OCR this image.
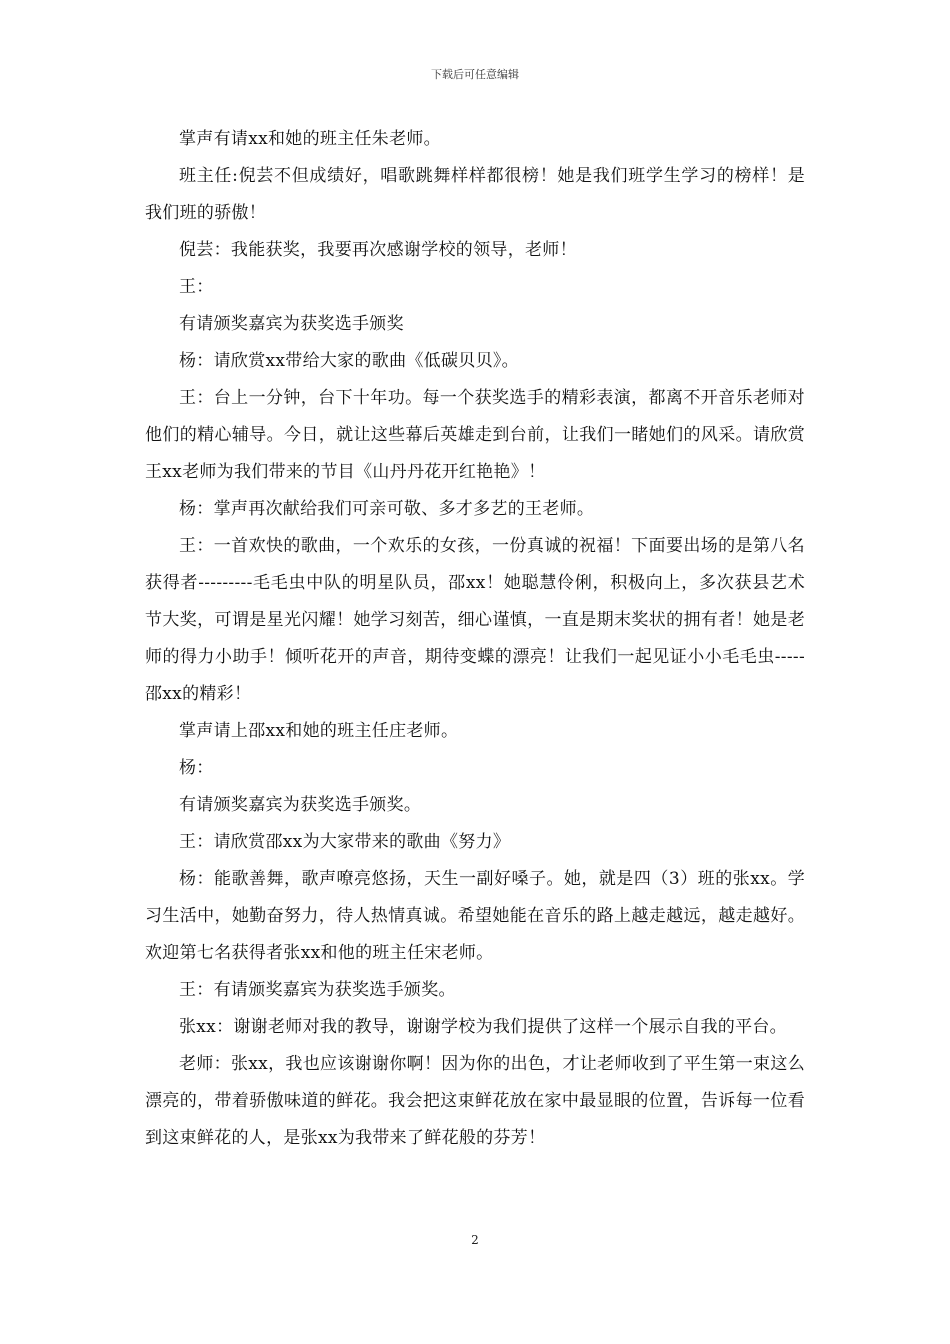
下载后可任意编辑

掌声有请xx和她的班主任朱老师。

班主任:倪芸不但成绩好，唱歌跳舞样样都很榜！她是我们班学生学习的榜样！是我们班的骄傲！

倪芸：我能获奖，我要再次感谢学校的领导，老师！

王：

有请颁奖嘉宾为获奖选手颁奖

杨：请欣赏xx带给大家的歌曲《低碳贝贝》。

王：台上一分钟，台下十年功。每一个获奖选手的精彩表演，都离不开音乐老师对他们的精心辅导。今日，就让这些幕后英雄走到台前，让我们一睹她们的风采。请欣赏王xx老师为我们带来的节目《山丹丹花开红艳艳》！

杨：掌声再次献给我们可亲可敬、多才多艺的王老师。

王：一首欢快的歌曲，一个欢乐的女孩，一份真诚的祝福！下面要出场的是第八名获得者---------毛毛虫中队的明星队员，邵xx！她聪慧伶俐，积极向上，多次获县艺术节大奖，可谓是星光闪耀！她学习刻苦，细心谨慎，一直是期末奖状的拥有者！她是老师的得力小助手！倾听花开的声音，期待变蝶的漂亮！让我们一起见证小小毛毛虫-----邵xx的精彩！

掌声请上邵xx和她的班主任庄老师。

杨：

有请颁奖嘉宾为获奖选手颁奖。

王：请欣赏邵xx为大家带来的歌曲《努力》

杨：能歌善舞，歌声嘹亮悠扬，天生一副好嗓子。她，就是四（3）班的张xx。学习生活中，她勤奋努力，待人热情真诚。希望她能在音乐的路上越走越远，越走越好。欢迎第七名获得者张xx和他的班主任宋老师。

王：有请颁奖嘉宾为获奖选手颁奖。

张xx：谢谢老师对我的教导，谢谢学校为我们提供了这样一个展示自我的平台。

老师：张xx，我也应该谢谢你啊！因为你的出色，才让老师收到了平生第一束这么漂亮的，带着骄傲味道的鲜花。我会把这束鲜花放在家中最显眼的位置，告诉每一位看到这束鲜花的人，是张xx为我带来了鲜花般的芬芳！

2
